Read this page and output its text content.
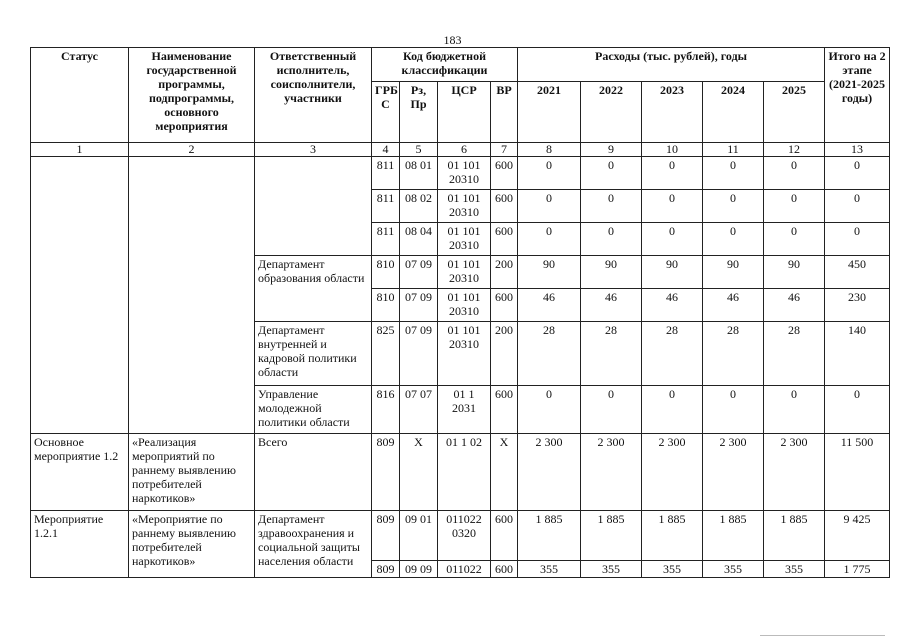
183
Статус	Наименование государственной программы, подпрограммы, основного мероприятия	Ответственный исполнитель, соисполнители, участники	Код бюджетной классификации				Расходы (тыс. рублей), годы					Итого на 2 этапе (2021-2025 годы)
			ГРБ С	Рз, Пр	ЦСР	ВР	2021	2022	2023	2024	2025	
1	2	3	4	5	6	7	8	9	10	11	12	13
			811	08 01	01 101 20310	600	0	0	0	0	0	0
			811	08 02	01 101 20310	600	0	0	0	0	0	0
			811	08 04	01 101 20310	600	0	0	0	0	0	0
		Департамент образования области	810	07 09	01 101 20310	200	90	90	90	90	90	450
			810	07 09	01 101 20310	600	46	46	46	46	46	230
		Департамент внутренней и кадровой политики области	825	07 09	01 101 20310	200	28	28	28	28	28	140
		Управление молодежной политики области	816	07 07	01 1 2031	600	0	0	0	0	0	0
Основное мероприятие 1.2	«Реализация мероприятий по раннему выявлению потребителей наркотиков»	Всего	809	X	01 1 02	X	2 300	2 300	2 300	2 300	2 300	11 500
Мероприятие 1.2.1	«Мероприятие по раннему выявлению потребителей наркотиков»	Департамент здравоохранения и социальной защиты населения области	809	09 01	011022 0320	600	1 885	1 885	1 885	1 885	1 885	9 425
			809	09 09	011022	600	355	355	355	355	355	1 775
